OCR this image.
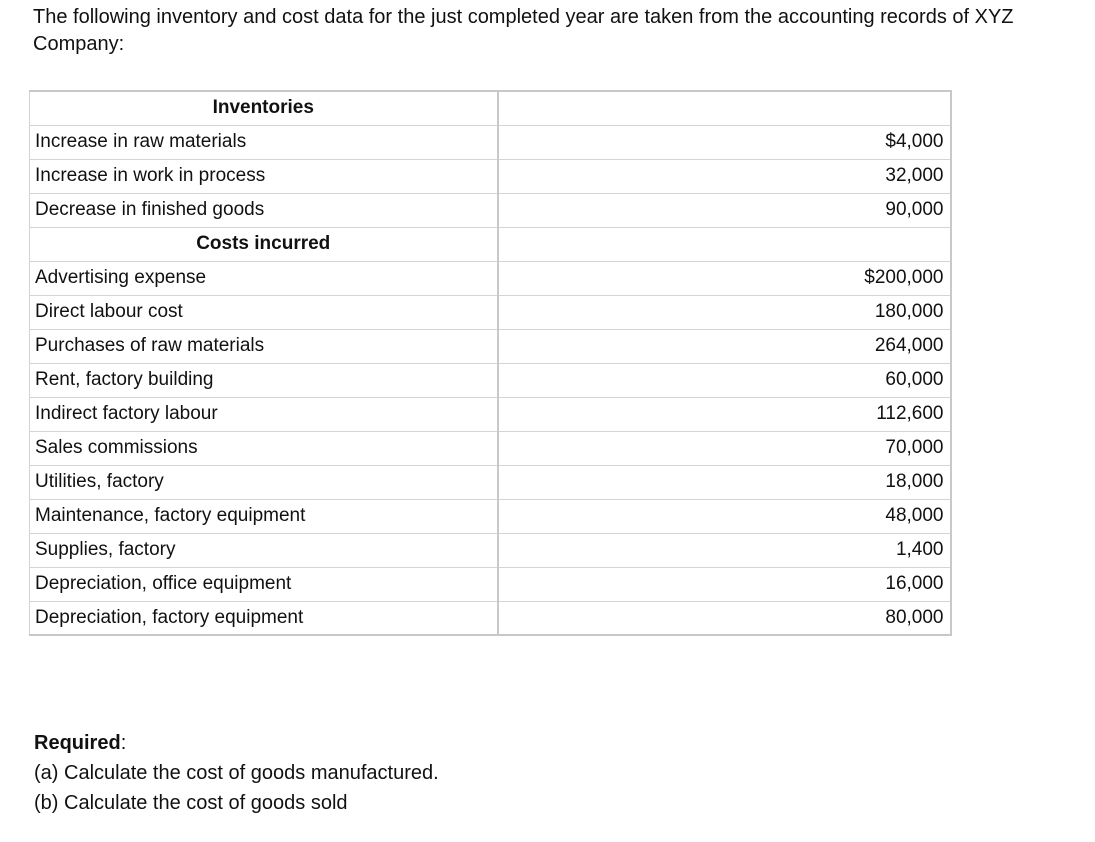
The following inventory and cost data for the just completed year are taken from the accounting records of XYZ Company:

Inventories	
Increase in raw materials	$4,000
Increase in work in process	32,000
Decrease in finished goods	90,000
Costs incurred	
Advertising expense	$200,000
Direct labour cost	180,000
Purchases of raw materials	264,000
Rent, factory building	60,000
Indirect factory labour	112,600
Sales commissions	70,000
Utilities, factory	18,000
Maintenance, factory equipment	48,000
Supplies, factory	1,400
Depreciation, office equipment	16,000
Depreciation, factory equipment	80,000
Required:
(a) Calculate the cost of goods manufactured.
(b) Calculate the cost of goods sold
